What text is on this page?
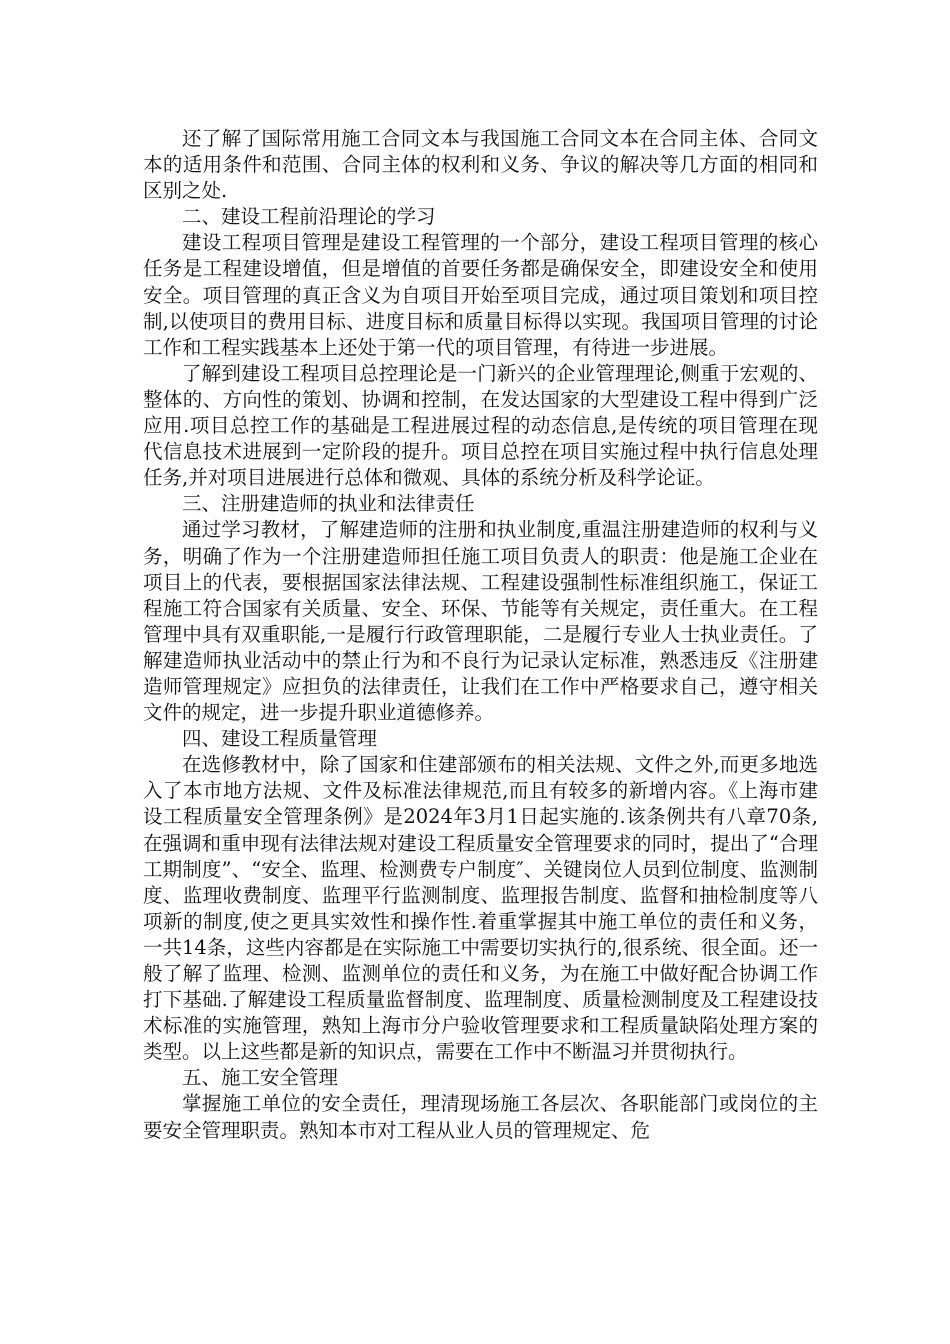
还了解了国际常用施工合同文本与我国施工合同文本在合同主体、合同文本的适用条件和范围、合同主体的权利和义务、争议的解决等几方面的相同和区别之处.

二、建设工程前沿理论的学习

建设工程项目管理是建设工程管理的一个部分，建设工程项目管理的核心任务是工程建设增值，但是增值的首要任务都是确保安全，即建设安全和使用安全。项目管理的真正含义为自项目开始至项目完成，通过项目策划和项目控制,以使项目的费用目标、进度目标和质量目标得以实现。我国项目管理的讨论工作和工程实践基本上还处于第一代的项目管理，有待进一步进展。

了解到建设工程项目总控理论是一门新兴的企业管理理论,侧重于宏观的、整体的、方向性的策划、协调和控制，在发达国家的大型建设工程中得到广泛应用.项目总控工作的基础是工程进展过程的动态信息,是传统的项目管理在现代信息技术进展到一定阶段的提升。项目总控在项目实施过程中执行信息处理任务,并对项目进展进行总体和微观、具体的系统分析及科学论证。

三、注册建造师的执业和法律责任

通过学习教材，了解建造师的注册和执业制度,重温注册建造师的权利与义务，明确了作为一个注册建造师担任施工项目负责人的职责：他是施工企业在项目上的代表，要根据国家法律法规、工程建设强制性标准组织施工，保证工程施工符合国家有关质量、安全、环保、节能等有关规定，责任重大。在工程管理中具有双重职能,一是履行行政管理职能，二是履行专业人士执业责任。了解建造师执业活动中的禁止行为和不良行为记录认定标准，熟悉违反《注册建造师管理规定》应担负的法律责任，让我们在工作中严格要求自己，遵守相关文件的规定，进一步提升职业道德修养。

四、建设工程质量管理

在选修教材中，除了国家和住建部颁布的相关法规、文件之外,而更多地选入了本市地方法规、文件及标准法律规范,而且有较多的新增内容。《上海市建设工程质量安全管理条例》是2024年3月1日起实施的.该条例共有八章70条,在强调和重申现有法律法规对建设工程质量安全管理要求的同时，提出了“合理工期制度”、“安全、监理、检测费专户制度″、关键岗位人员到位制度、监测制度、监理收费制度、监理平行监测制度、监理报告制度、监督和抽检制度等八项新的制度,使之更具实效性和操作性.着重掌握其中施工单位的责任和义务，一共14条，这些内容都是在实际施工中需要切实执行的,很系统、很全面。还一般了解了监理、检测、监测单位的责任和义务，为在施工中做好配合协调工作打下基础.了解建设工程质量监督制度、监理制度、质量检测制度及工程建设技术标准的实施管理，熟知上海市分户验收管理要求和工程质量缺陷处理方案的类型。以上这些都是新的知识点，需要在工作中不断温习并贯彻执行。

五、施工安全管理

掌握施工单位的安全责任，理清现场施工各层次、各职能部门或岗位的主要安全管理职责。熟知本市对工程从业人员的管理规定、危
